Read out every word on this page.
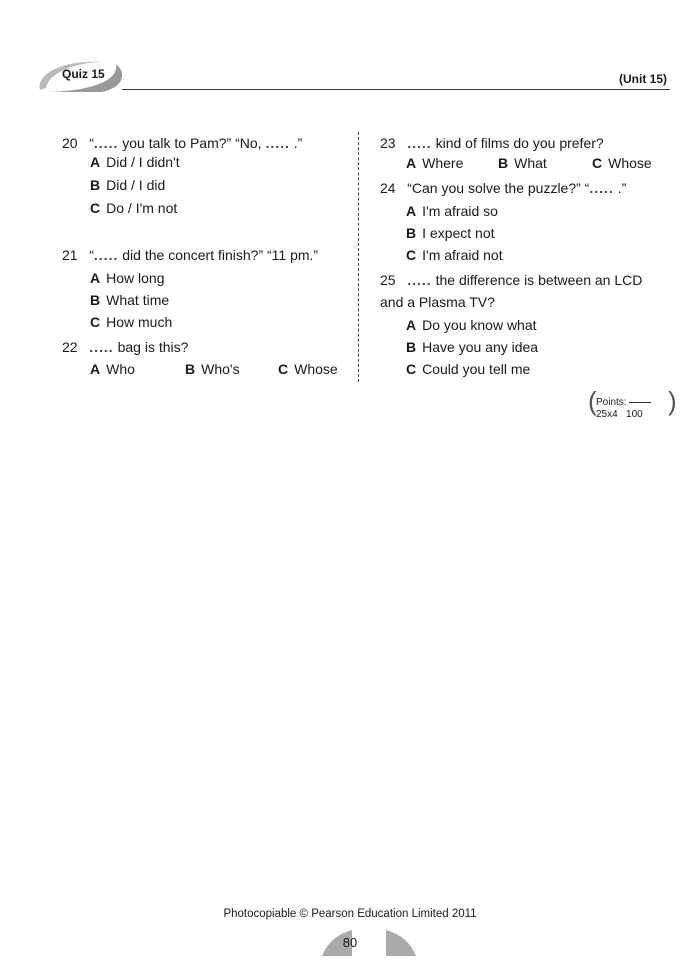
Quiz 15	(Unit 15)
20 “..... you talk to Pam?” “No, ..... .”
A Did / I didn't
B Did / I did
C Do / I'm not
21 “..... did the concert finish?” “11 pm.”
A How long
B What time
C How much
22 ..... bag is this?
A Who	B Who's	C Whose
23 ..... kind of films do you prefer?
A Where B What	C Whose
24 “Can you solve the puzzle?” “..... .”
A I'm afraid so
B I expect not
C I'm afraid not
25 ..... the difference is between an LCD
and a Plasma TV?
A Do you know what
B Have you any idea
C Could you tell me
(	)
Points:
25x4 100
Photocopiable © Pearson Education Limited 2011
80
